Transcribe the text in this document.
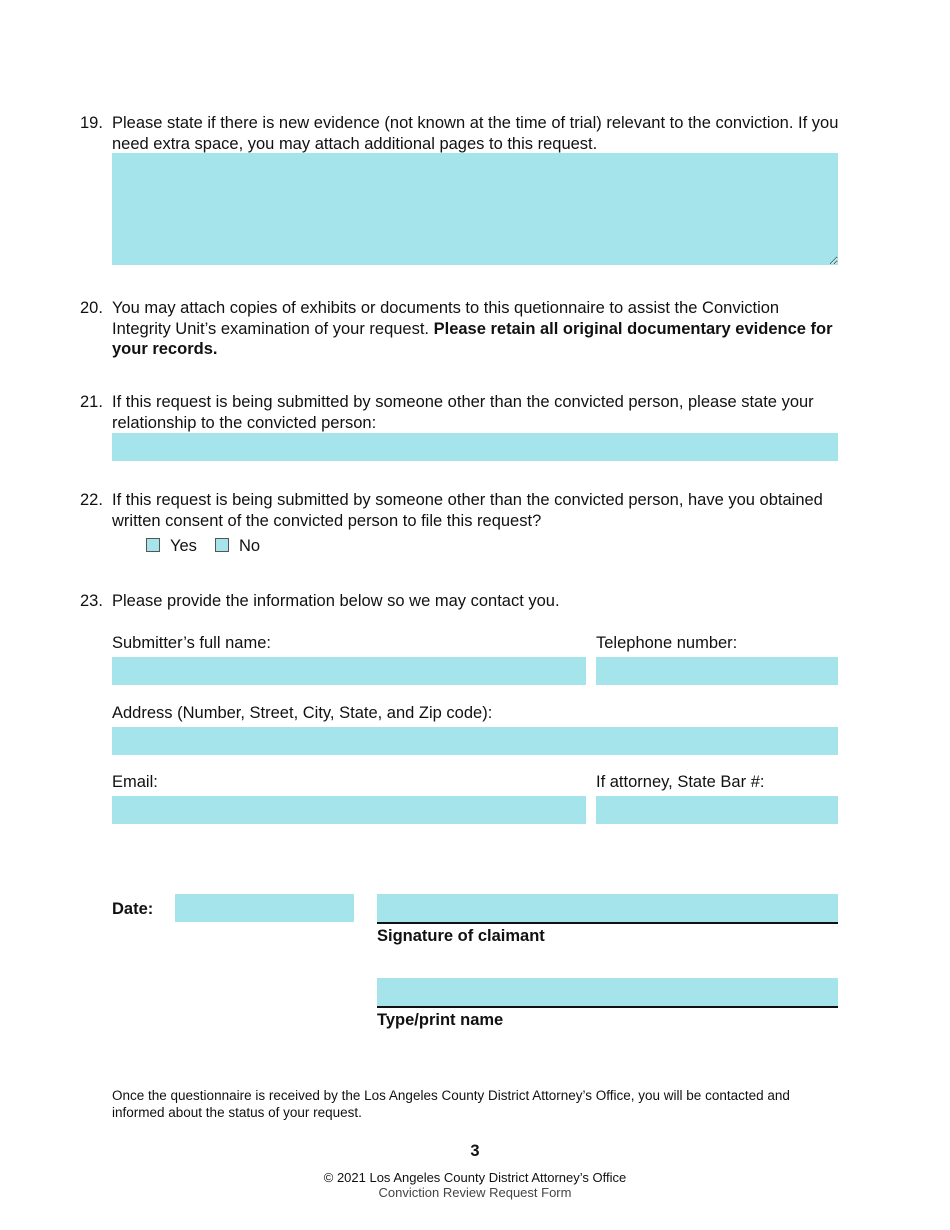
19. Please state if there is new evidence (not known at the time of trial) relevant to the conviction. If you need extra space, you may attach additional pages to this request.
20. You may attach copies of exhibits or documents to this quetionnaire to assist the Conviction Integrity Unit’s examination of your request. Please retain all original documentary evidence for your records.
21. If this request is being submitted by someone other than the convicted person, please state your relationship to the convicted person:
22. If this request is being submitted by someone other than the convicted person, have you obtained written consent of the convicted person to file this request?
Yes	No
23. Please provide the information below so we may contact you.
Submitter’s full name:	Telephone number:
Address (Number, Street, City, State, and Zip code):
Email:	If attorney, State Bar #:
Date:
Signature of claimant
Type/print name
Once the questionnaire is received by the Los Angeles County District Attorney’s Office, you will be contacted and informed about the status of your request.
3
© 2021 Los Angeles County District Attorney’s Office
Conviction Review Request Form
